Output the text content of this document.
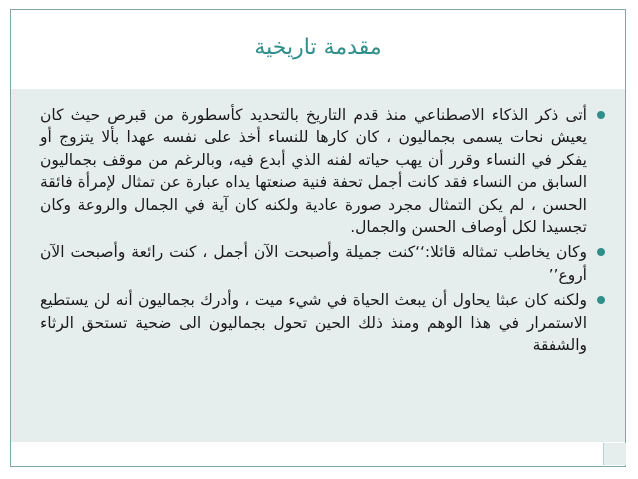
مقدمة تاريخية
أتى ذكر الذكاء الاصطناعي منذ قدم التاريخ بالتحديد كأسطورة من قبرص حيث كان يعيش نحات يسمى بجماليون ، كان كارها للنساء أخذ على نفسه عهدا بألا يتزوج أو يفكر في النساء وقرر أن يهب حياته لفنه الذي أبدع فيه، وبالرغم من موقف بجماليون السابق من النساء فقد كانت أجمل تحفة فنية صنعتها يداه عبارة عن تمثال لإمرأة فائقة الحسن ، لم يكن التمثال مجرد صورة عادية ولكنه كان آية في الجمال والروعة وكان تجسيدا لكل أوصاف الحسن والجمال.
وكان يخاطب تمثاله قائلا:‘‘كنت جميلة وأصبحت الآن أجمل ، كنت رائعة وأصبحت الآن أروع’’
ولكنه كان عبثا يحاول أن يبعث الحياة في شيء ميت ، وأدرك بجماليون أنه لن يستطيع الاستمرار في هذا الوهم ومنذ ذلك الحين تحول بجماليون الى ضحية تستحق الرثاء والشفقة
